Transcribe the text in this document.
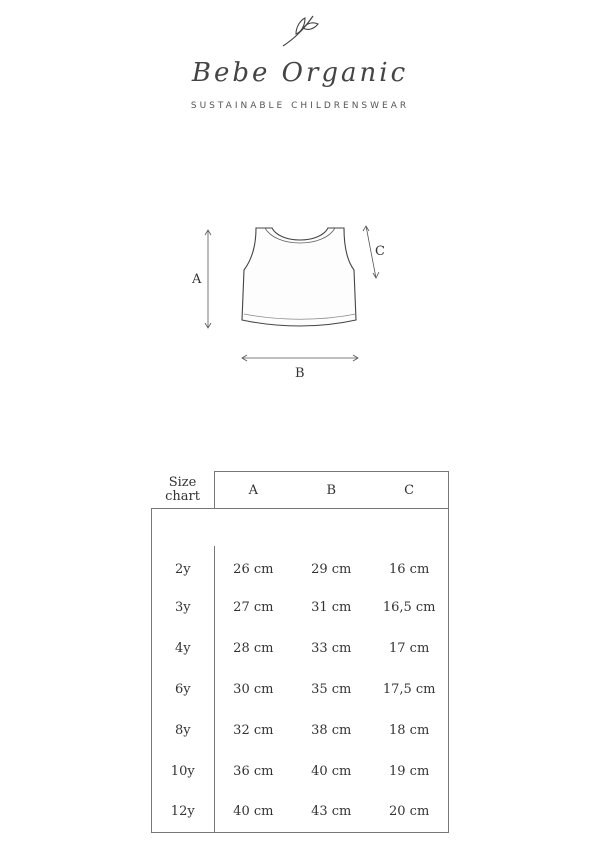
Bebe Organic
SUSTAINABLE CHILDRENSWEAR
A
B
C
Size
chart	A	B	C

2y	26 cm	29 cm	16 cm
3y	27 cm	31 cm	16,5 cm
4y	28 cm	33 cm	17 cm
6y	30 cm	35 cm	17,5 cm
8y	32 cm	38 cm	18 cm
10y	36 cm	40 cm	19 cm
12y	40 cm	43 cm	20 cm
